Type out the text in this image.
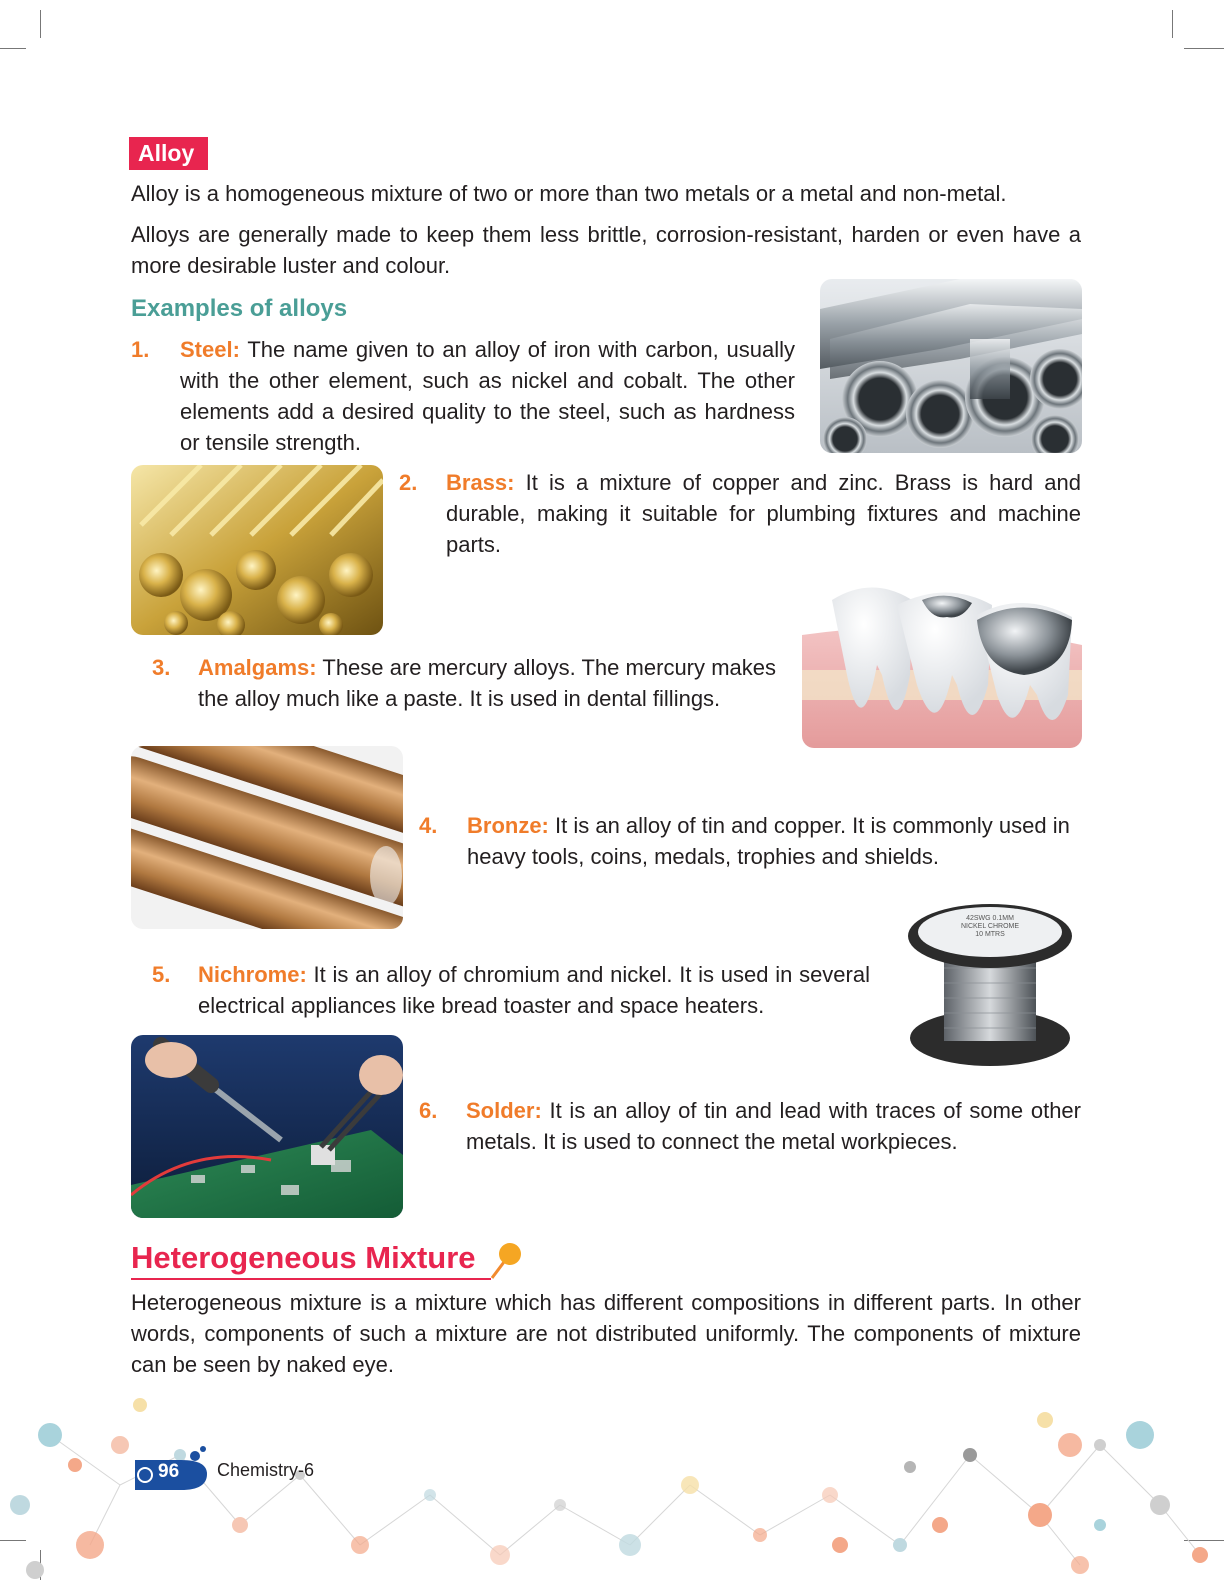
Alloy
Alloy is a homogeneous mixture of two or more than two metals or a metal and non-metal.
Alloys are generally made to keep them less brittle, corrosion-resistant, harden or even have a more desirable luster and colour.
Examples of alloys
1. Steel: The name given to an alloy of iron with carbon, usually with the other element, such as nickel and cobalt. The other elements add a desired quality to the steel, such as hardness or tensile strength.
2. Brass: It is a mixture of copper and zinc. Brass is hard and durable, making it suitable for plumbing fixtures and machine parts.
3. Amalgams: These are mercury alloys. The mercury makes the alloy much like a paste. It is used in dental fillings.
4. Bronze: It is an alloy of tin and copper. It is commonly used in heavy tools, coins, medals, trophies and shields.
42SWG 0.1MM
NICKEL CHROME
10 MTRS
5. Nichrome: It is an alloy of chromium and nickel. It is used in several electrical appliances like bread toaster and space heaters.
6. Solder: It is an alloy of tin and lead with traces of some other metals. It is used to connect the metal workpieces.
Heterogeneous Mixture
Heterogeneous mixture is a mixture which has different compositions in different parts. In other words, components of such a mixture are not distributed uniformly. The components of mixture can be seen by naked eye.
96 Chemistry-6
